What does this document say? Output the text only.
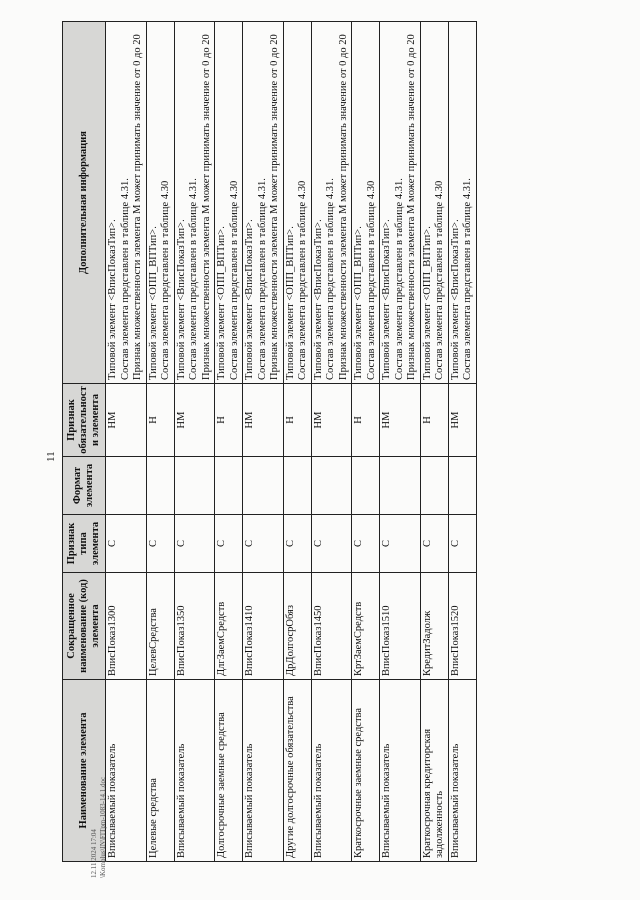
11
Наименование элемента	Сокращенное наименование (код) элемента	Признак типа элемента	Формат элемента	Признак обязательности элемента	Дополнительная информация

Вписываемый показатель	ВписПоказ1300	С		НМ	Типовой элемент <ВписПоказТип>. Состав элемента представлен в таблице 4.31. Признак множественности элемента М может принимать значение от 0 до 20

Целевые средства	ЦелевСредства	С		Н	Типовой элемент <ОПП_ВПТип>. Состав элемента представлен в таблице 4.30

Вписываемый показатель	ВписПоказ1350	С		НМ	Типовой элемент <ВписПоказТип>. Состав элемента представлен в таблице 4.31. Признак множественности элемента М может принимать значение от 0 до 20

Долгосрочные заемные средства	ДлгЗаемСредств	С		Н	Типовой элемент <ОПП_ВПТип>. Состав элемента представлен в таблице 4.30

Вписываемый показатель	ВписПоказ1410	С		НМ	Типовой элемент <ВписПоказТип>. Состав элемента представлен в таблице 4.31. Признак множественности элемента М может принимать значение от 0 до 20

Другие долгосрочные обязательства	ДрДолгосрОбяз	С		Н	Типовой элемент <ОПП_ВПТип>. Состав элемента представлен в таблице 4.30

Вписываемый показатель	ВписПоказ1450	С		НМ	Типовой элемент <ВписПоказТип>. Состав элемента представлен в таблице 4.31. Признак множественности элемента М может принимать значение от 0 до 20

Краткосрочные заемные средства	КртЗаемСредств	С		Н	Типовой элемент <ОПП_ВПТип>. Состав элемента представлен в таблице 4.30

Вписываемый показатель	ВписПоказ1510	С		НМ	Типовой элемент <ВписПоказТип>. Состав элемента представлен в таблице 4.31. Признак множественности элемента М может принимать значение от 0 до 20

Краткосрочная кредиторская задолженность	КредитЗадолж	С		Н	Типовой элемент <ОПП_ВПТип>. Состав элемента представлен в таблице 4.30

Вписываемый показатель	ВписПоказ1520	С		НМ	Типовой элемент <ВписПоказТип>. Состав элемента представлен в таблице 4.31.
12.11.2024 17:04 \Komplus\IN\FITpm-1083-14.1.doc
